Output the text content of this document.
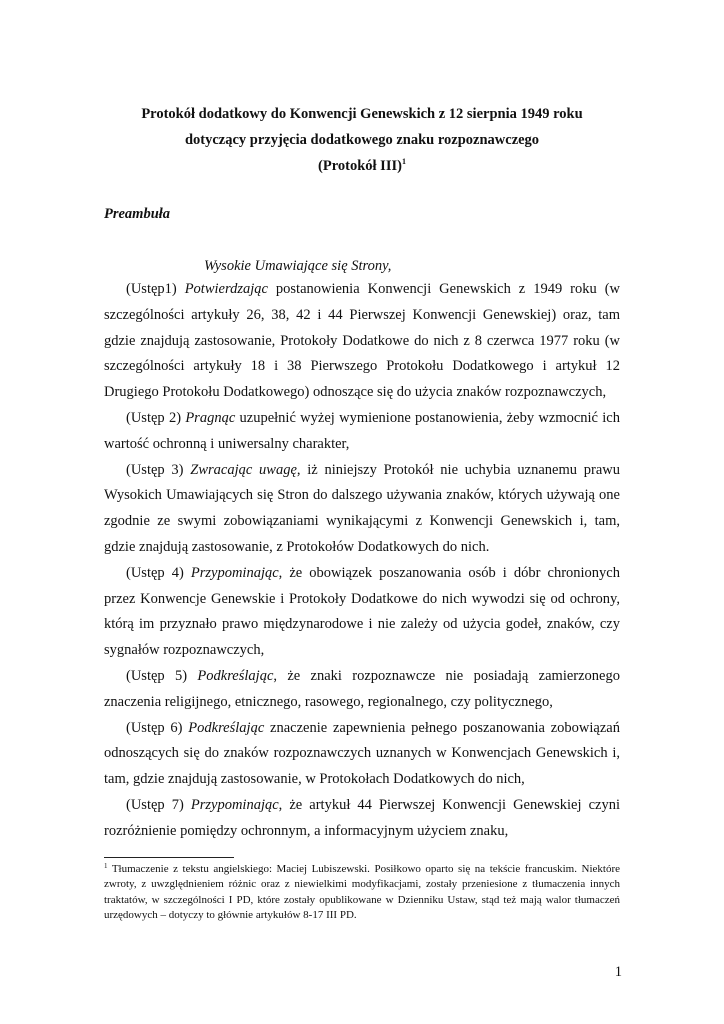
Protokół dodatkowy do Konwencji Genewskich z 12 sierpnia 1949 roku
dotyczący przyjęcia dodatkowego znaku rozpoznawczego
(Protokół III)$^1$
Preambuła
Wysokie Umawiające się Strony,

(Ustęp1) Potwierdzając postanowienia Konwencji Genewskich z 1949 roku (w szczególności artykuły 26, 38, 42 i 44 Pierwszej Konwencji Genewskiej) oraz, tam gdzie znajdują zastosowanie, Protokoły Dodatkowe do nich z 8 czerwca 1977 roku (w szczególności artykuły 18 i 38 Pierwszego Protokołu Dodatkowego i artykuł 12 Drugiego Protokołu Dodatkowego) odnoszące się do użycia znaków rozpoznawczych,

(Ustęp 2) Pragnąc uzupełnić wyżej wymienione postanowienia, żeby wzmocnić ich wartość ochronną i uniwersalny charakter,

(Ustęp 3) Zwracając uwagę, iż niniejszy Protokół nie uchybia uznanemu prawu Wysokich Umawiających się Stron do dalszego używania znaków, których używają one zgodnie ze swymi zobowiązaniami wynikającymi z Konwencji Genewskich i, tam, gdzie znajdują zastosowanie, z Protokołów Dodatkowych do nich.

(Ustęp 4) Przypominając, że obowiązek poszanowania osób i dóbr chronionych przez Konwencje Genewskie i Protokoły Dodatkowe do nich wywodzi się od ochrony, którą im przyznało prawo międzynarodowe i nie zależy od użycia godeł, znaków, czy sygnałów rozpoznawczych,

(Ustęp 5) Podkreślając, że znaki rozpoznawcze nie posiadają zamierzonego znaczenia religijnego, etnicznego, rasowego, regionalnego, czy politycznego,

(Ustęp 6) Podkreślając znaczenie zapewnienia pełnego poszanowania zobowiązań odnoszących się do znaków rozpoznawczych uznanych w Konwencjach Genewskich i, tam, gdzie znajdują zastosowanie, w Protokołach Dodatkowych do nich,

(Ustęp 7) Przypominając, że artykuł 44 Pierwszej Konwencji Genewskiej czyni rozróżnienie pomiędzy ochronnym, a informacyjnym użyciem znaku,

$^1$ Tłumaczenie z tekstu angielskiego: Maciej Lubiszewski. Posiłkowo oparto się na tekście francuskim. Niektóre zwroty, z uwzględnieniem różnic oraz z niewielkimi modyfikacjami, zostały przeniesione z tłumaczenia innych traktatów, w szczególności I PD, które zostały opublikowane w Dzienniku Ustaw, stąd też mają walor tłumaczeń urzędowych – dotyczy to głównie artykułów 8-17 III PD.
1
